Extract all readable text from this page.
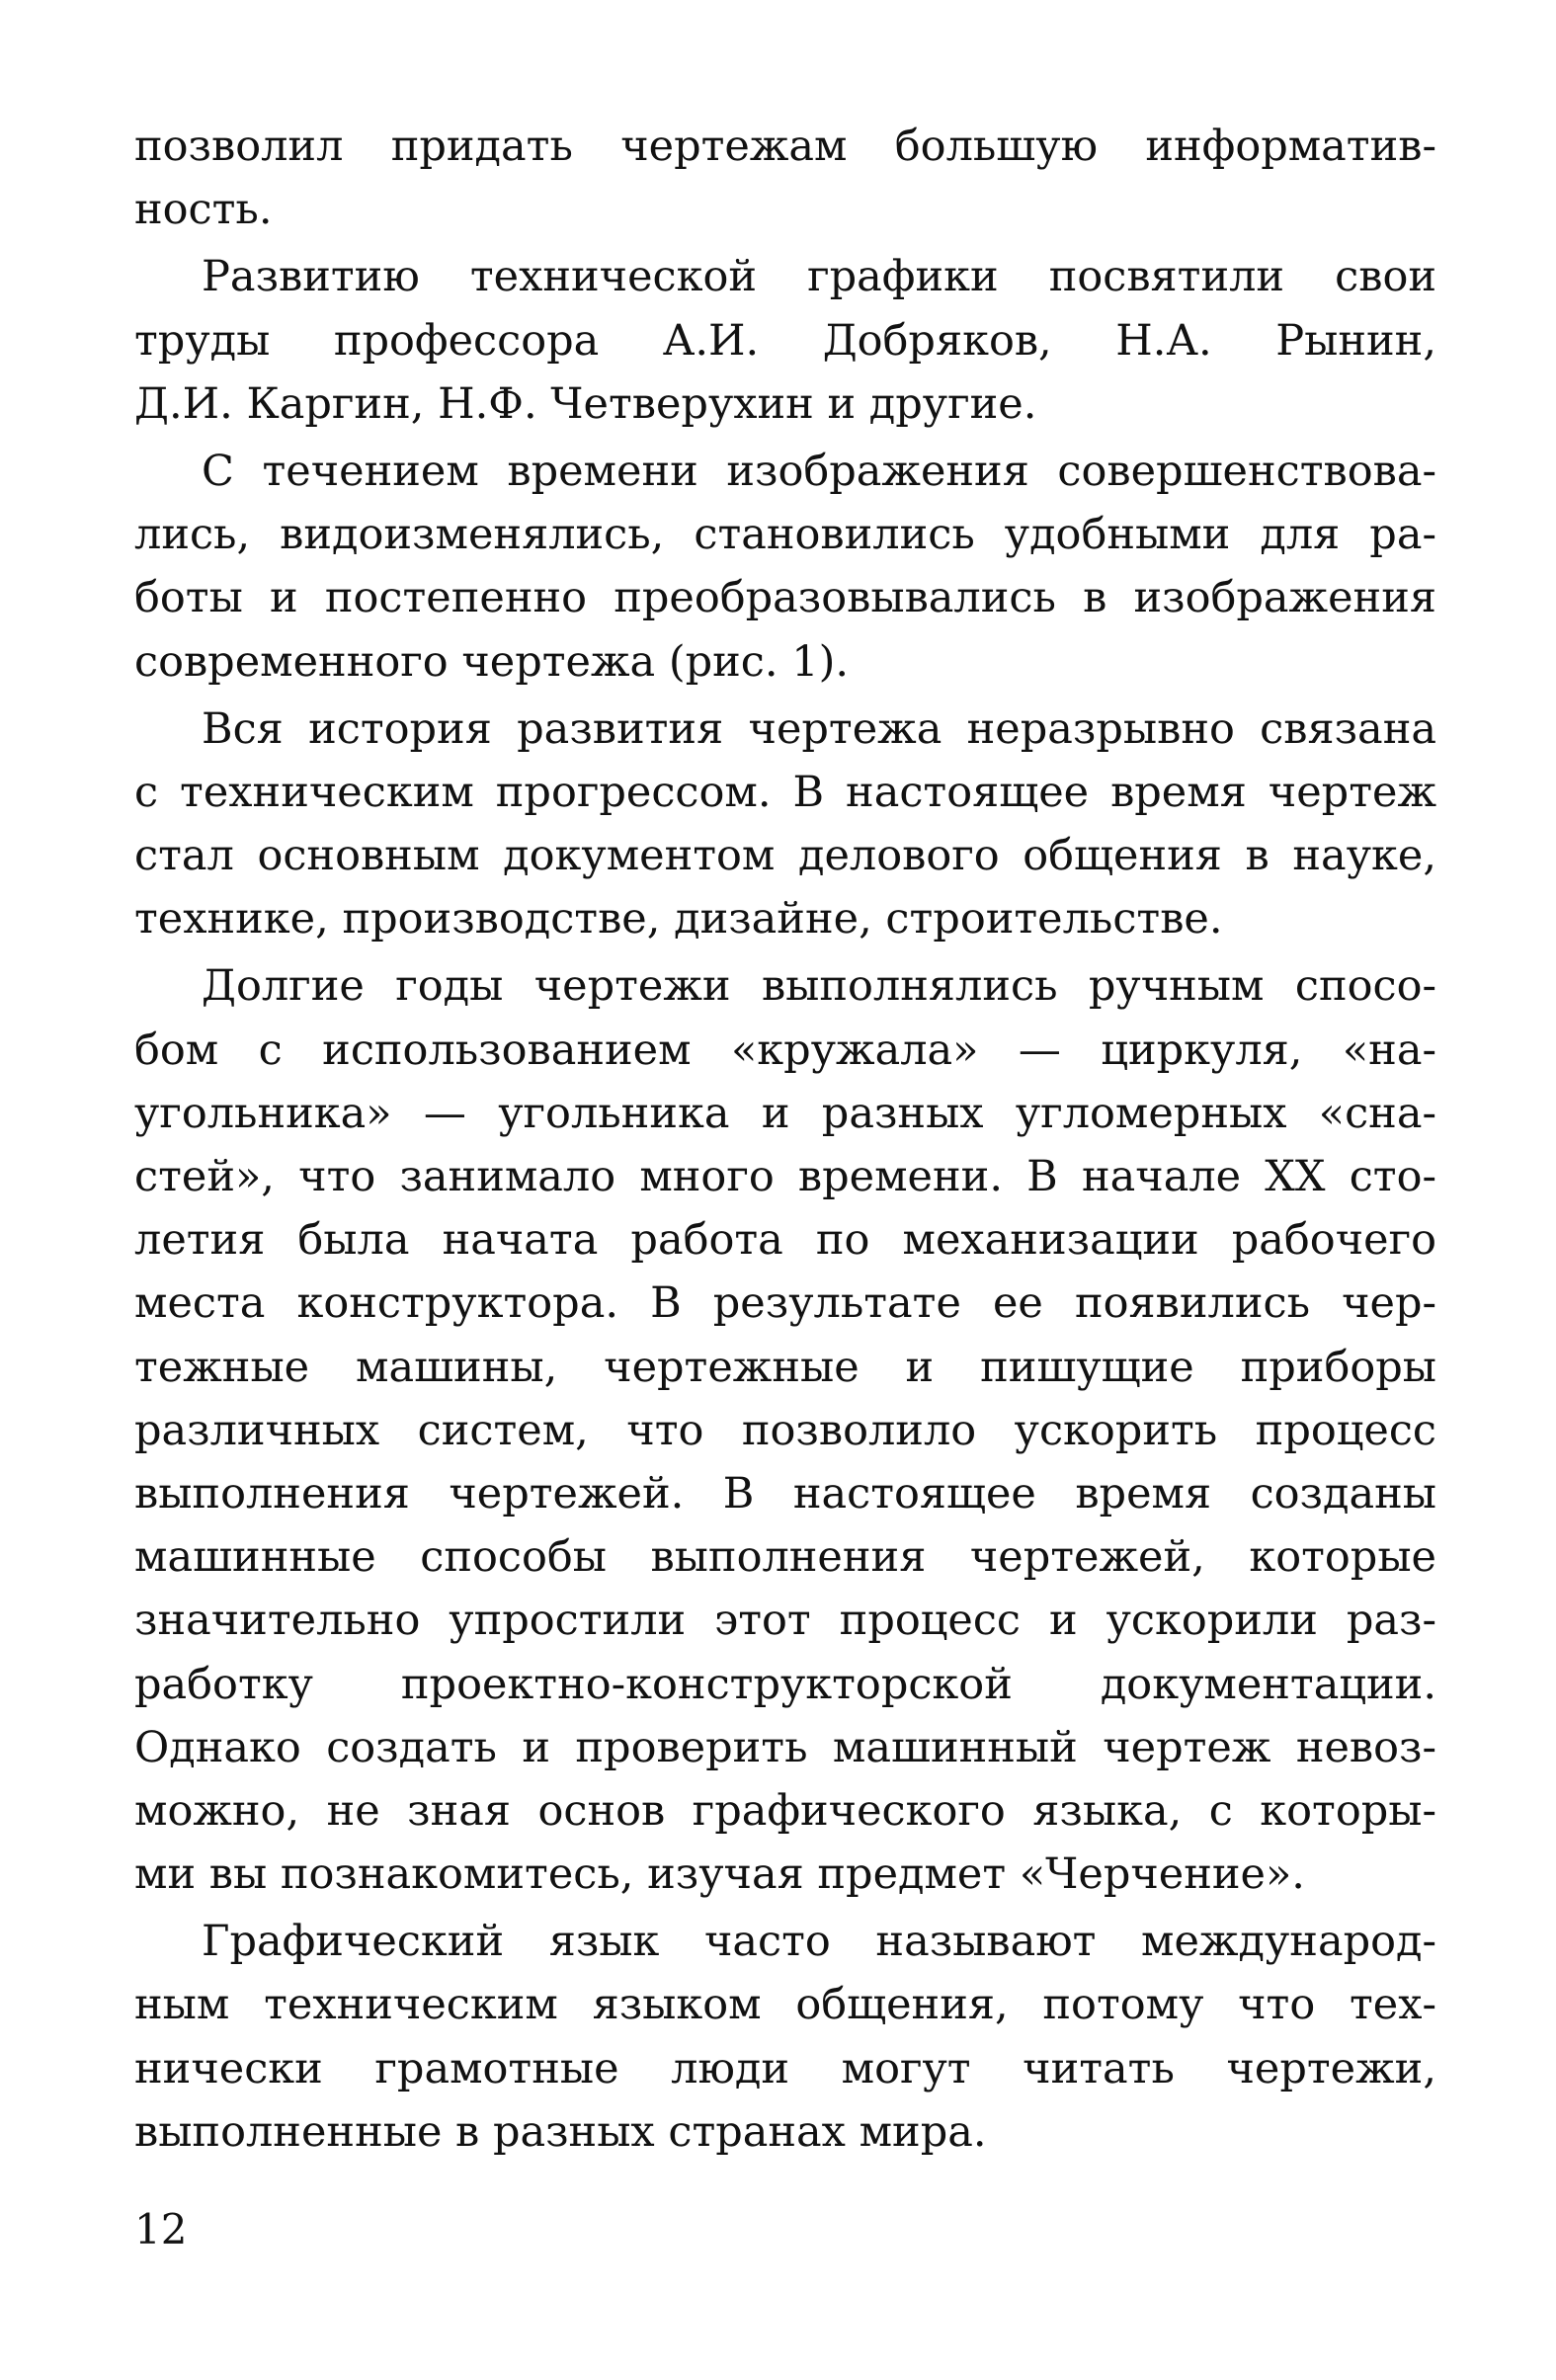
позволил придать чертежам большую информатив-
ность.
Развитию технической графики посвятили свои
труды профессора А.И. Добряков, Н.А. Рынин,
Д.И. Каргин, Н.Ф. Четверухин и другие.
С течением времени изображения совершенствова-
лись, видоизменялись, становились удобными для ра-
боты и постепенно преобразовывались в изображения
современного чертежа (рис. 1).
Вся история развития чертежа неразрывно связана
с техническим прогрессом. В настоящее время чертеж
стал основным документом делового общения в науке,
технике, производстве, дизайне, строительстве.
Долгие годы чертежи выполнялись ручным спосо-
бом с использованием «кружала» — циркуля, «на-
угольника» — угольника и разных угломерных «сна-
стей», что занимало много времени. В начале XX сто-
летия была начата работа по механизации рабочего
места конструктора. В результате ее появились чер-
тежные машины, чертежные и пишущие приборы
различных систем, что позволило ускорить процесс
выполнения чертежей. В настоящее время созданы
машинные способы выполнения чертежей, которые
значительно упростили этот процесс и ускорили раз-
работку проектно-конструкторской документации.
Однако создать и проверить машинный чертеж невоз-
можно, не зная основ графического языка, с которы-
ми вы познакомитесь, изучая предмет «Черчение».
Графический язык часто называют международ-
ным техническим языком общения, потому что тех-
нически грамотные люди могут читать чертежи,
выполненные в разных странах мира.
12
